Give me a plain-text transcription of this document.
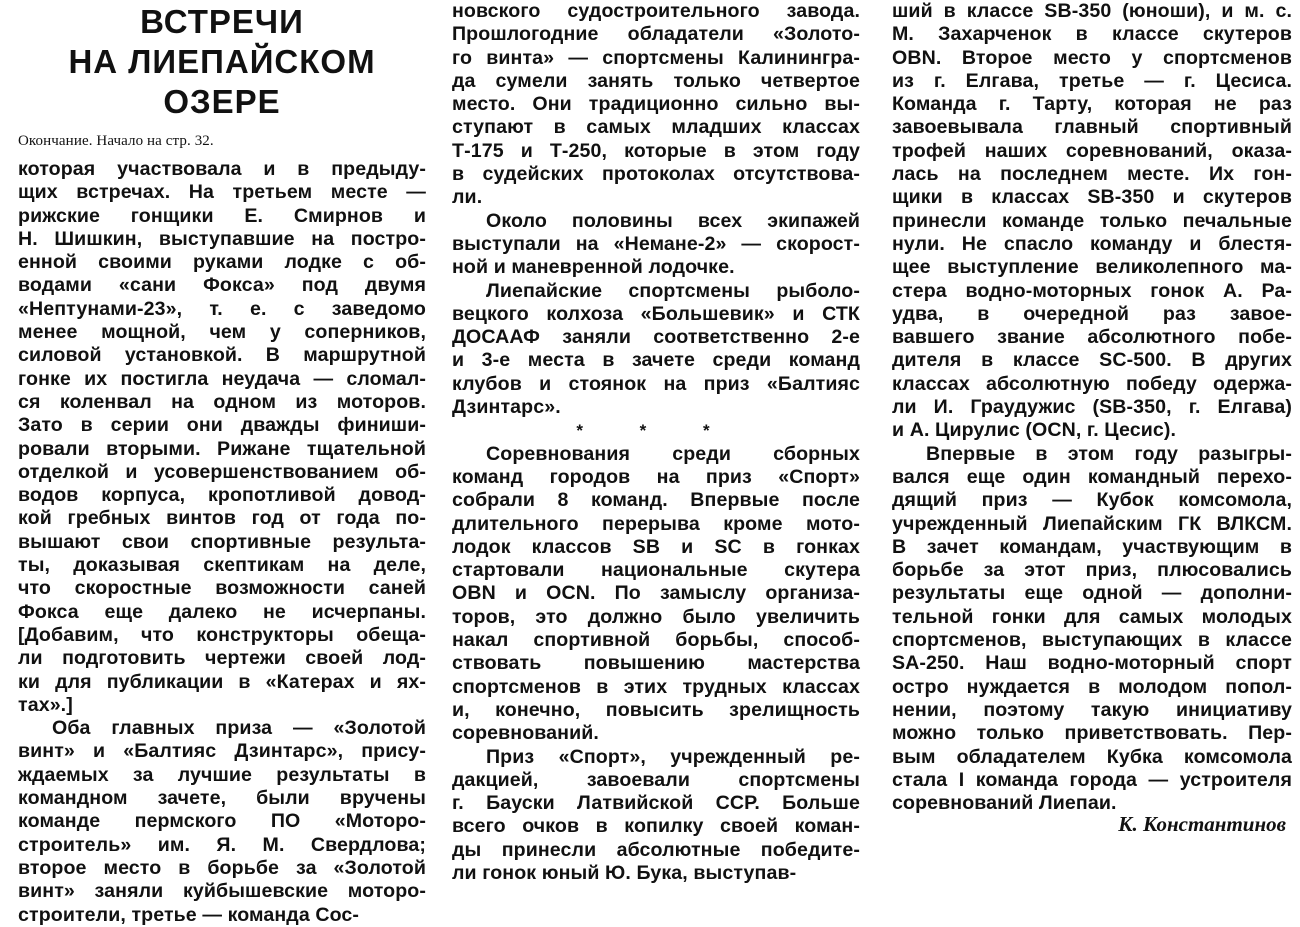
ВСТРЕЧИ
НА ЛИЕПАЙСКОМ ОЗЕРЕ
Окончание. Начало на стр. 32.
которая участвовала и в предыду-
щих встречах. На третьем месте —
рижские гонщики Е. Смирнов и
Н. Шишкин, выступавшие на постро-
енной своими руками лодке с об-
водами «сани Фокса» под двумя
«Нептунами-23», т. е. с заведомо
менее мощной, чем у соперников,
силовой установкой. В маршрутной
гонке их постигла неудача — сломал-
ся коленвал на одном из моторов.
Зато в серии они дважды финиши-
ровали вторыми. Рижане тщательной
отделкой и усовершенствованием об-
водов корпуса, кропотливой довод-
кой гребных винтов год от года по-
вышают свои спортивные результа-
ты, доказывая скептикам на деле,
что скоростные возможности саней
Фокса еще далеко не исчерпаны.
[Добавим, что конструкторы обеща-
ли подготовить чертежи своей лод-
ки для публикации в «Катерах и ях-
тах».]
Оба главных приза — «Золотой
винт» и «Балтияс Дзинтарс», прису-
ждаемых за лучшие результаты в
командном зачете, были вручены
команде пермского ПО «Моторо-
строитель» им. Я. М. Свердлова;
второе место в борьбе за «Золотой
винт» заняли куйбышевские моторо-
строители, третье — команда Сос-
новского судостроительного завода.
Прошлогодние обладатели «Золото-
го винта» — спортсмены Калинингра-
да сумели занять только четвертое
место. Они традиционно сильно вы-
ступают в самых младших классах
Т-175 и Т-250, которые в этом году
в судейских протоколах отсутствова-
ли.
Около половины всех экипажей
выступали на «Немане-2» — скорост-
ной и маневренной лодочке.
Лиепайские спортсмены рыболо-
вецкого колхоза «Большевик» и СТК
ДОСААФ заняли соответственно 2-е
и 3-е места в зачете среди команд
клубов и стоянок на приз «Балтияс
Дзинтарс».
* * *
Соревнования среди сборных
команд городов на приз «Спорт»
собрали 8 команд. Впервые после
длительного перерыва кроме мото-
лодок классов SB и SC в гонках
стартовали национальные скутера
OBN и OCN. По замыслу организа-
торов, это должно было увеличить
накал спортивной борьбы, способ-
ствовать повышению мастерства
спортсменов в этих трудных классах
и, конечно, повысить зрелищность
соревнований.
Приз «Спорт», учрежденный ре-
дакцией, завоевали спортсмены
г. Бауски Латвийской ССР. Больше
всего очков в копилку своей коман-
ды принесли абсолютные победите-
ли гонок юный Ю. Бука, выступав-
ший в классе SB-350 (юноши), и м. с.
М. Захарченок в классе скутеров
OBN. Второе место у спортсменов
из г. Елгава, третье — г. Цесиса.
Команда г. Тарту, которая не раз
завоевывала главный спортивный
трофей наших соревнований, оказа-
лась на последнем месте. Их гон-
щики в классах SB-350 и скутеров
принесли команде только печальные
нули. Не спасло команду и блестя-
щее выступление великолепного ма-
стера водно-моторных гонок А. Ра-
удва, в очередной раз завое-
вавшего звание абсолютного побе-
дителя в классе SC-500. В других
классах абсолютную победу одержа-
ли И. Граудужис (SB-350, г. Елгава)
и А. Цирулис (OCN, г. Цесис).
Впервые в этом году разыгры-
вался еще один командный перехо-
дящий приз — Кубок комсомола,
учрежденный Лиепайским ГК ВЛКСМ.
В зачет командам, участвующим в
борьбе за этот приз, плюсовались
результаты еще одной — дополни-
тельной гонки для самых молодых
спортсменов, выступающих в классе
SA-250. Наш водно-моторный спорт
остро нуждается в молодом попол-
нении, поэтому такую инициативу
можно только приветствовать. Пер-
вым обладателем Кубка комсомола
стала I команда города — устроителя
соревнований Лиепаи.
К. Константинов
